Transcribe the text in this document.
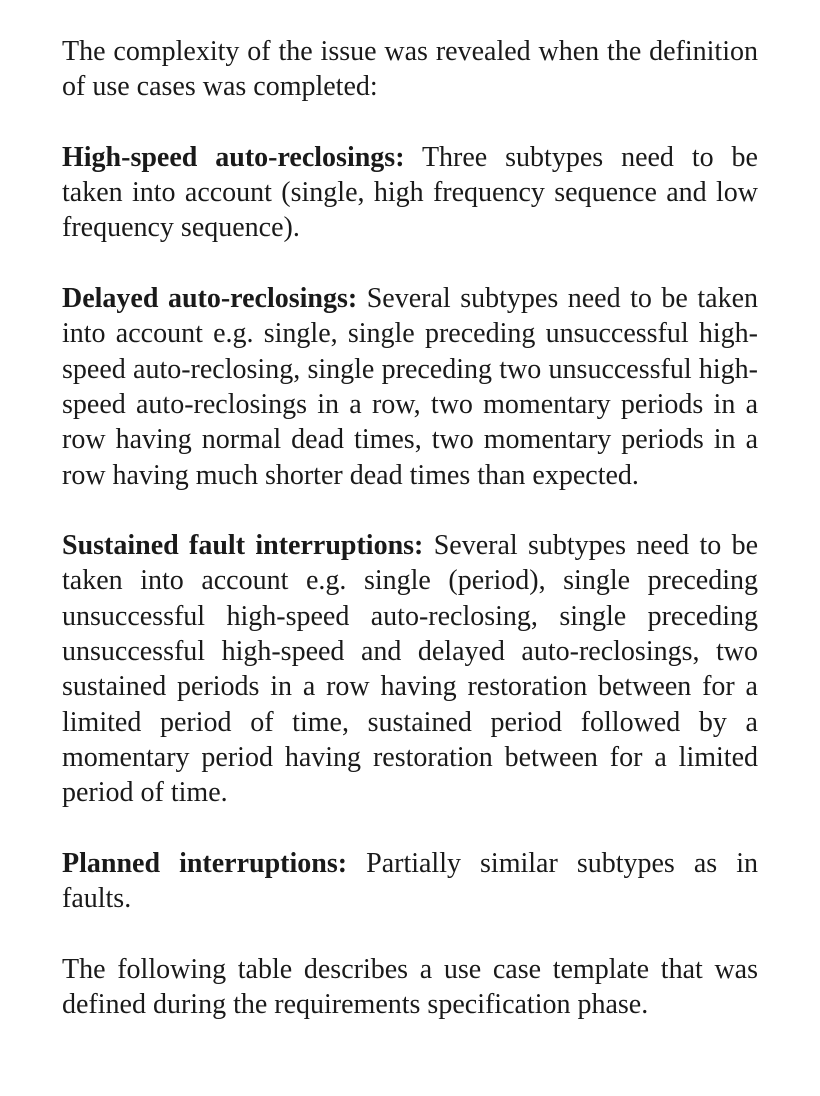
The complexity of the issue was revealed when the definition of use cases was completed:

High-speed auto-reclosings: Three subtypes need to be taken into account (single, high frequency sequence and low frequency sequence).

Delayed auto-reclosings: Several subtypes need to be taken into account e.g. single, single preceding unsuccessful high-speed auto-reclosing, single preceding two unsuccessful high-speed auto-reclosings in a row, two momentary periods in a row having normal dead times, two momentary periods in a row having much shorter dead times than expected.

Sustained fault interruptions: Several subtypes need to be taken into account e.g. single (period), single preceding unsuccessful high-speed auto-reclosing, single preceding unsuccessful high-speed and delayed auto-reclosings, two sustained periods in a row having restoration between for a limited period of time, sustained period followed by a momentary period having restoration between for a limited period of time.

Planned interruptions: Partially similar subtypes as in faults.

The following table describes a use case template that was defined during the requirements specification phase.
